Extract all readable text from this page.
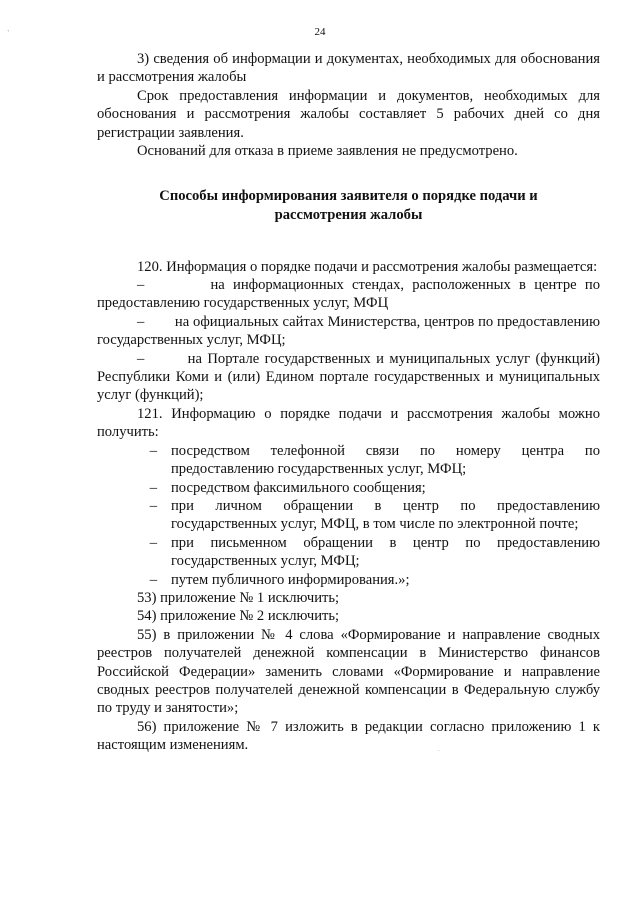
`	24

3) сведения об информации и документах, необходимых для обоснования и рассмотрения жалобы

Срок предоставления информации и документов, необходимых для обоснования и рассмотрения жалобы составляет 5 рабочих дней со дня регистрации заявления.

Оснований для отказа в приеме заявления не предусмотрено.

Способы информирования заявителя о порядке подачи и рассмотрения жалобы

120. Информация о порядке подачи и рассмотрения жалобы размещается:

–        на информационных стендах, расположенных в центре по предоставлению государственных услуг, МФЦ

–        на официальных сайтах Министерства, центров по предоставлению государственных услуг, МФЦ;

–        на Портале государственных и муниципальных услуг (функций) Республики Коми и (или) Едином портале государственных и муниципальных услуг (функций);

121. Информацию о порядке подачи и рассмотрения жалобы можно получить:

– посредством телефонной связи по номеру центра по предоставлению государственных услуг, МФЦ;
– посредством факсимильного сообщения;
– при личном обращении в центр по предоставлению государственных услуг, МФЦ, в том числе по электронной почте;
– при письменном обращении в центр по предоставлению государственных услуг, МФЦ;
– путем публичного информирования.»;

53) приложение № 1 исключить;

54) приложение № 2 исключить;

55) в приложении № 4 слова «Формирование и направление сводных реестров получателей денежной компенсации в Министерство финансов Российской Федерации» заменить словами «Формирование и направление сводных реестров получателей денежной компенсации в Федеральную службу по труду и занятости»;

56) приложение № 7 изложить в редакции согласно приложению 1 к настоящим изменениям.	.
